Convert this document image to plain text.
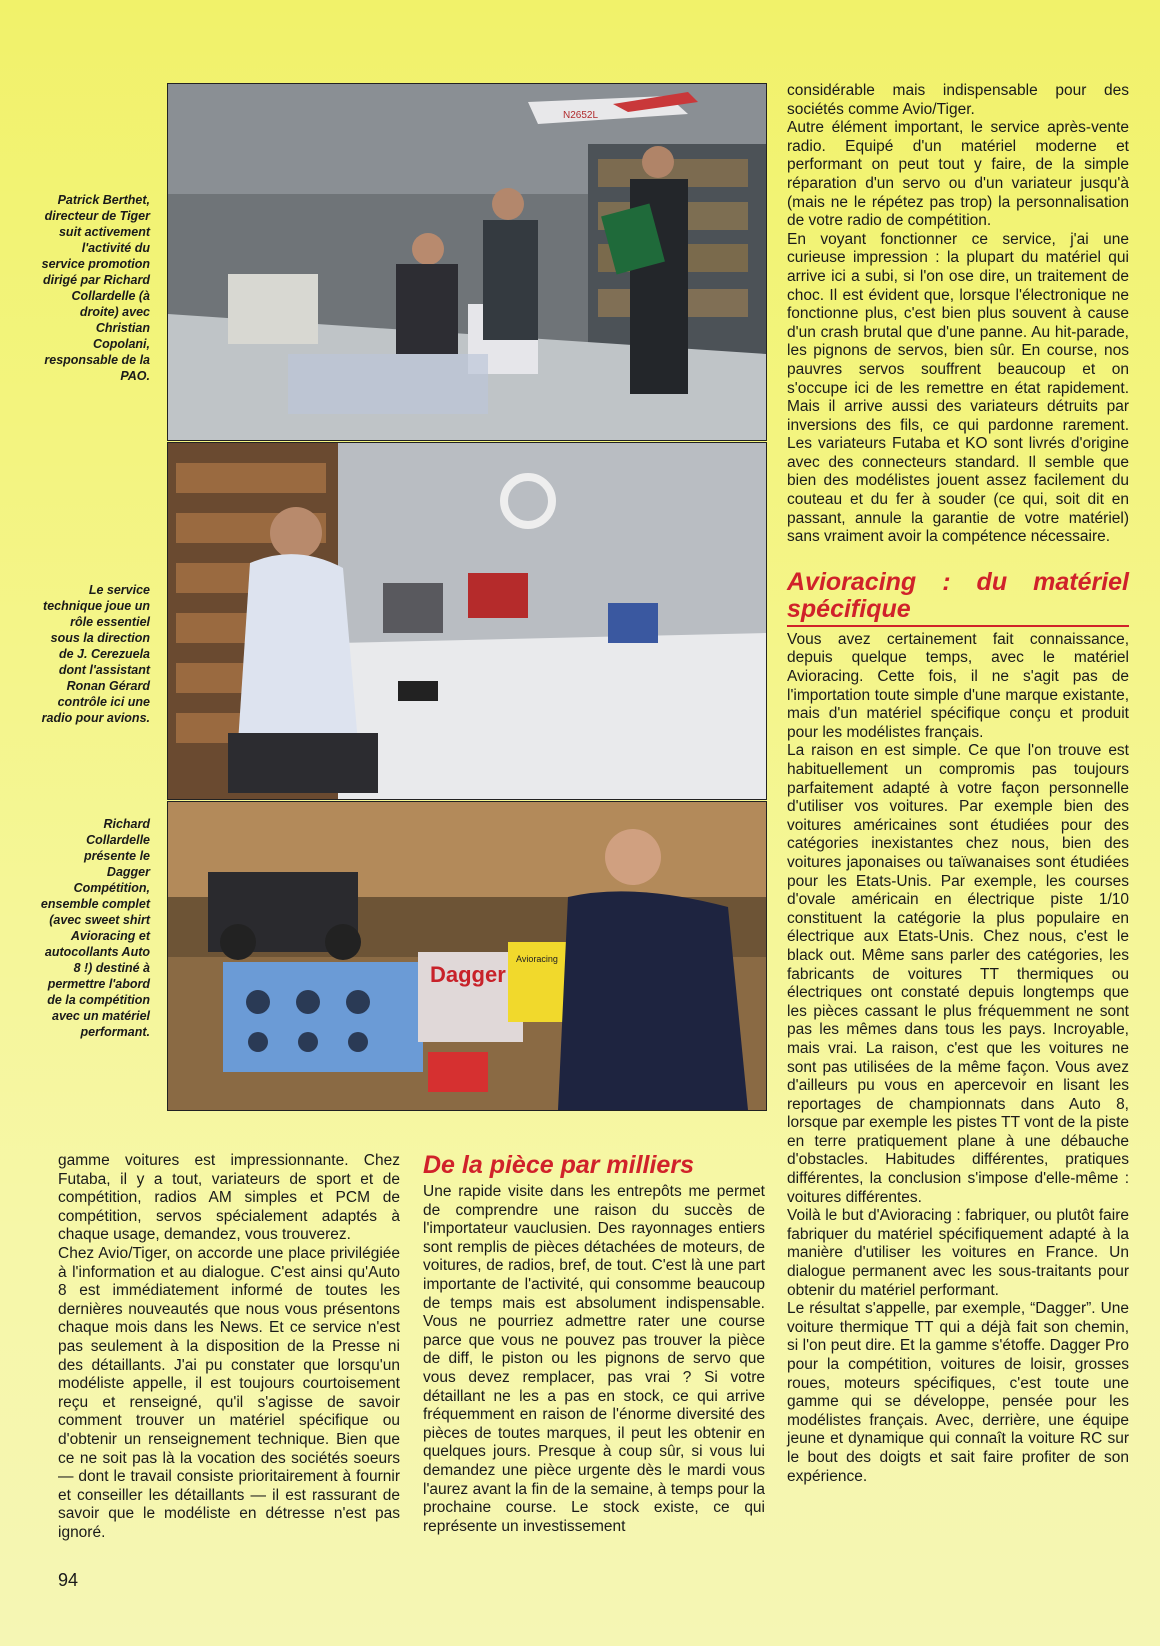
Patrick Berthet, directeur de Tiger suit activement l'activité du service promotion dirigé par Richard Collardelle (à droite) avec Christian Copolani, responsable de la PAO.
Le service technique joue un rôle essentiel sous la direction de J. Cerezuela dont l'assistant Ronan Gérard contrôle ici une radio pour avions.
Richard Collardelle présente le Dagger Compétition, ensemble complet (avec sweet shirt Avioracing et autocollants Auto 8 !) destiné à permettre l'abord de la compétition avec un matériel performant.
N2652L
Dagger
Avioracing

gamme voitures est impressionnante. Chez Futaba, il y a tout, variateurs de sport et de compétition, radios AM simples et PCM de compétition, servos spécialement adaptés à chaque usage, demandez, vous trouverez.

Chez Avio/Tiger, on accorde une place privilégiée à l'information et au dialogue. C'est ainsi qu'Auto 8 est immédiatement informé de toutes les dernières nouveautés que nous vous présentons chaque mois dans les News. Et ce service n'est pas seulement à la disposition de la Presse ni des détaillants. J'ai pu constater que lorsqu'un modéliste appelle, il est toujours courtoisement reçu et renseigné, qu'il s'agisse de savoir comment trouver un matériel spécifique ou d'obtenir un renseignement technique. Bien que ce ne soit pas là la vocation des sociétés soeurs — dont le travail consiste prioritairement à fournir et conseiller les détaillants — il est rassurant de savoir que le modéliste en détresse n'est pas ignoré.

De la pièce par milliers

Une rapide visite dans les entrepôts me permet de comprendre une raison du succès de l'importateur vauclusien. Des rayonnages entiers sont remplis de pièces détachées de moteurs, de voitures, de radios, bref, de tout. C'est là une part importante de l'activité, qui consomme beaucoup de temps mais est absolument indispensable. Vous ne pourriez admettre rater une course parce que vous ne pouvez pas trouver la pièce de diff, le piston ou les pignons de servo que vous devez remplacer, pas vrai ? Si votre détaillant ne les a pas en stock, ce qui arrive fréquemment en raison de l'énorme diversité des pièces de toutes marques, il peut les obtenir en quelques jours. Presque à coup sûr, si vous lui demandez une pièce urgente dès le mardi vous l'aurez avant la fin de la semaine, à temps pour la prochaine course. Le stock existe, ce qui représente un investissement

considérable mais indispensable pour des sociétés comme Avio/Tiger.

Autre élément important, le service après-vente radio. Equipé d'un matériel moderne et performant on peut tout y faire, de la simple réparation d'un servo ou d'un variateur jusqu'à (mais ne le répétez pas trop) la personnalisation de votre radio de compétition.

En voyant fonctionner ce service, j'ai une curieuse impression : la plupart du matériel qui arrive ici a subi, si l'on ose dire, un traitement de choc. Il est évident que, lorsque l'électronique ne fonctionne plus, c'est bien plus souvent à cause d'un crash brutal que d'une panne. Au hit-parade, les pignons de servos, bien sûr. En course, nos pauvres servos souffrent beaucoup et on s'occupe ici de les remettre en état rapidement. Mais il arrive aussi des variateurs détruits par inversions des fils, ce qui pardonne rarement. Les variateurs Futaba et KO sont livrés d'origine avec des connecteurs standard. Il semble que bien des modélistes jouent assez facilement du couteau et du fer à souder (ce qui, soit dit en passant, annule la garantie de votre matériel) sans vraiment avoir la compétence nécessaire.

Avioracing : du matériel spécifique

Vous avez certainement fait connaissance, depuis quelque temps, avec le matériel Avioracing. Cette fois, il ne s'agit pas de l'importation toute simple d'une marque existante, mais d'un matériel spécifique conçu et produit pour les modélistes français.

La raison en est simple. Ce que l'on trouve est habituellement un compromis pas toujours parfaitement adapté à votre façon personnelle d'utiliser vos voitures. Par exemple bien des voitures américaines sont étudiées pour des catégories inexistantes chez nous, bien des voitures japonaises ou taïwanaises sont étudiées pour les Etats-Unis. Par exemple, les courses d'ovale américain en électrique piste 1/10 constituent la catégorie la plus populaire en électrique aux Etats-Unis. Chez nous, c'est le black out. Même sans parler des catégories, les fabricants de voitures TT thermiques ou électriques ont constaté depuis longtemps que les pièces cassant le plus fréquemment ne sont pas les mêmes dans tous les pays. Incroyable, mais vrai. La raison, c'est que les voitures ne sont pas utilisées de la même façon. Vous avez d'ailleurs pu vous en apercevoir en lisant les reportages de championnats dans Auto 8, lorsque par exemple les pistes TT vont de la piste en terre pratiquement plane à une débauche d'obstacles. Habitudes différentes, pratiques différentes, la conclusion s'impose d'elle-même : voitures différentes.

Voilà le but d'Avioracing : fabriquer, ou plutôt faire fabriquer du matériel spécifiquement adapté à la manière d'utiliser les voitures en France. Un dialogue permanent avec les sous-traitants pour obtenir du matériel performant.

Le résultat s'appelle, par exemple, “Dagger”. Une voiture thermique TT qui a déjà fait son chemin, si l'on peut dire. Et la gamme s'étoffe. Dagger Pro pour la compétition, voitures de loisir, grosses roues, moteurs spécifiques, c'est toute une gamme qui se développe, pensée pour les modélistes français. Avec, derrière, une équipe jeune et dynamique qui connaît la voiture RC sur le bout des doigts et sait faire profiter de son expérience.

94
